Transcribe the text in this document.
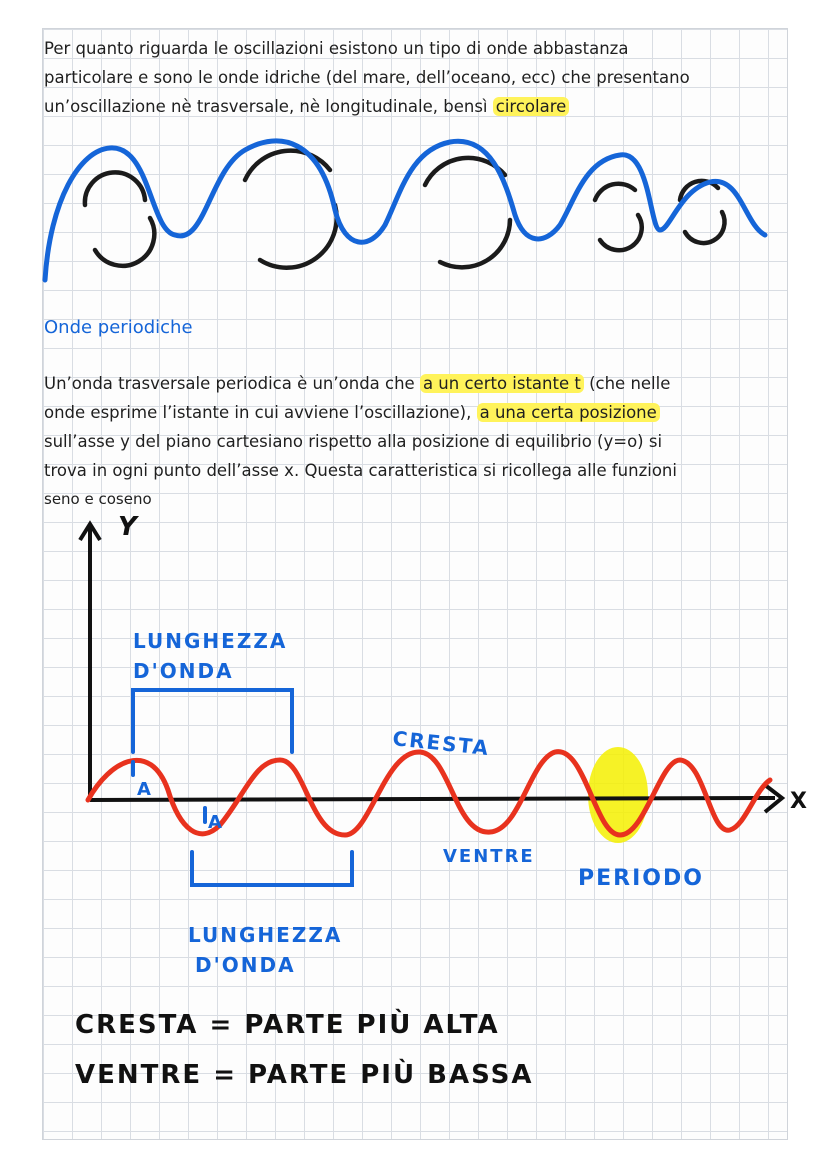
Per quanto riguarda le oscillazioni esistono un tipo di onde abbastanza
particolare e sono le onde idriche (del mare, dell’oceano, ecc) che presentano
un’oscillazione nè trasversale, nè longitudinale, bensì circolare
Onde periodiche
Un’onda trasversale periodica è un’onda che a un certo istante t (che nelle
onde esprime l’istante in cui avviene l’oscillazione), a una certa posizione
sull’asse y del piano cartesiano rispetto alla posizione di equilibrio (y=o) si
trova in ogni punto dell’asse x. Questa caratteristica si ricollega alle funzioni
seno e coseno
Y
X
LUNGHEZZA
D'ONDA
LUNGHEZZA
D'ONDA
CRESTA
VENTRE
PERIODO
A
A
CRESTA = PARTE PIÙ ALTA
VENTRE = PARTE PIÙ BASSA
